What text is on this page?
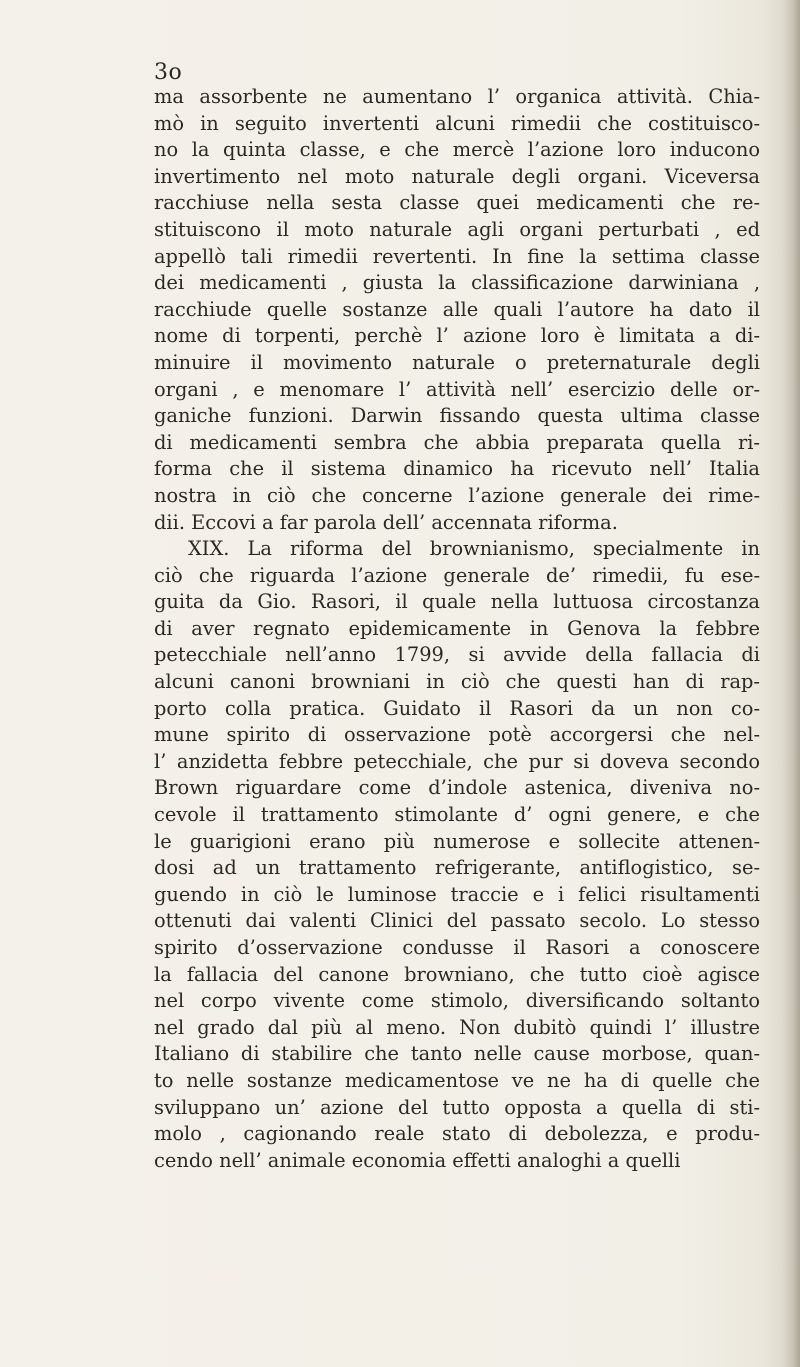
3o
ma assorbente ne aumentano l’ organica attività. Chia-
mò in seguito invertenti alcuni rimedii che costituisco-
no la quinta classe, e che mercè l’azione loro inducono
invertimento nel moto naturale degli organi. Viceversa
racchiuse nella sesta classe quei medicamenti che re-
stituiscono il moto naturale agli organi perturbati , ed
appellò tali rimedii revertenti. In fine la settima classe
dei medicamenti , giusta la classificazione darwiniana ,
racchiude quelle sostanze alle quali l’autore ha dato il
nome di torpenti, perchè l’ azione loro è limitata a di-
minuire il movimento naturale o preternaturale degli
organi , e menomare l’ attività nell’ esercizio delle or-
ganiche funzioni. Darwin fissando questa ultima classe
di medicamenti sembra che abbia preparata quella ri-
forma che il sistema dinamico ha ricevuto nell’ Italia
nostra in ciò che concerne l’azione generale dei rime-
dii. Eccovi a far parola dell’ accennata riforma.
XIX. La riforma del brownianismo, specialmente in
ciò che riguarda l’azione generale de’ rimedii, fu ese-
guita da Gio. Rasori, il quale nella luttuosa circostanza
di aver regnato epidemicamente in Genova la febbre
petecchiale nell’anno 1799, si avvide della fallacia di
alcuni canoni browniani in ciò che questi han di rap-
porto colla pratica. Guidato il Rasori da un non co-
mune spirito di osservazione potè accorgersi che nel-
l’ anzidetta febbre petecchiale, che pur si doveva secondo
Brown riguardare come d’indole astenica, diveniva no-
cevole il trattamento stimolante d’ ogni genere, e che
le guarigioni erano più numerose e sollecite attenen-
dosi ad un trattamento refrigerante, antiflogistico, se-
guendo in ciò le luminose traccie e i felici risultamenti
ottenuti dai valenti Clinici del passato secolo. Lo stesso
spirito d’osservazione condusse il Rasori a conoscere
la fallacia del canone browniano, che tutto cioè agisce
nel corpo vivente come stimolo, diversificando soltanto
nel grado dal più al meno. Non dubitò quindi l’ illustre
Italiano di stabilire che tanto nelle cause morbose, quan-
to nelle sostanze medicamentose ve ne ha di quelle che
sviluppano un’ azione del tutto opposta a quella di sti-
molo , cagionando reale stato di debolezza, e produ-
cendo nell’ animale economia effetti analoghi a quelli
